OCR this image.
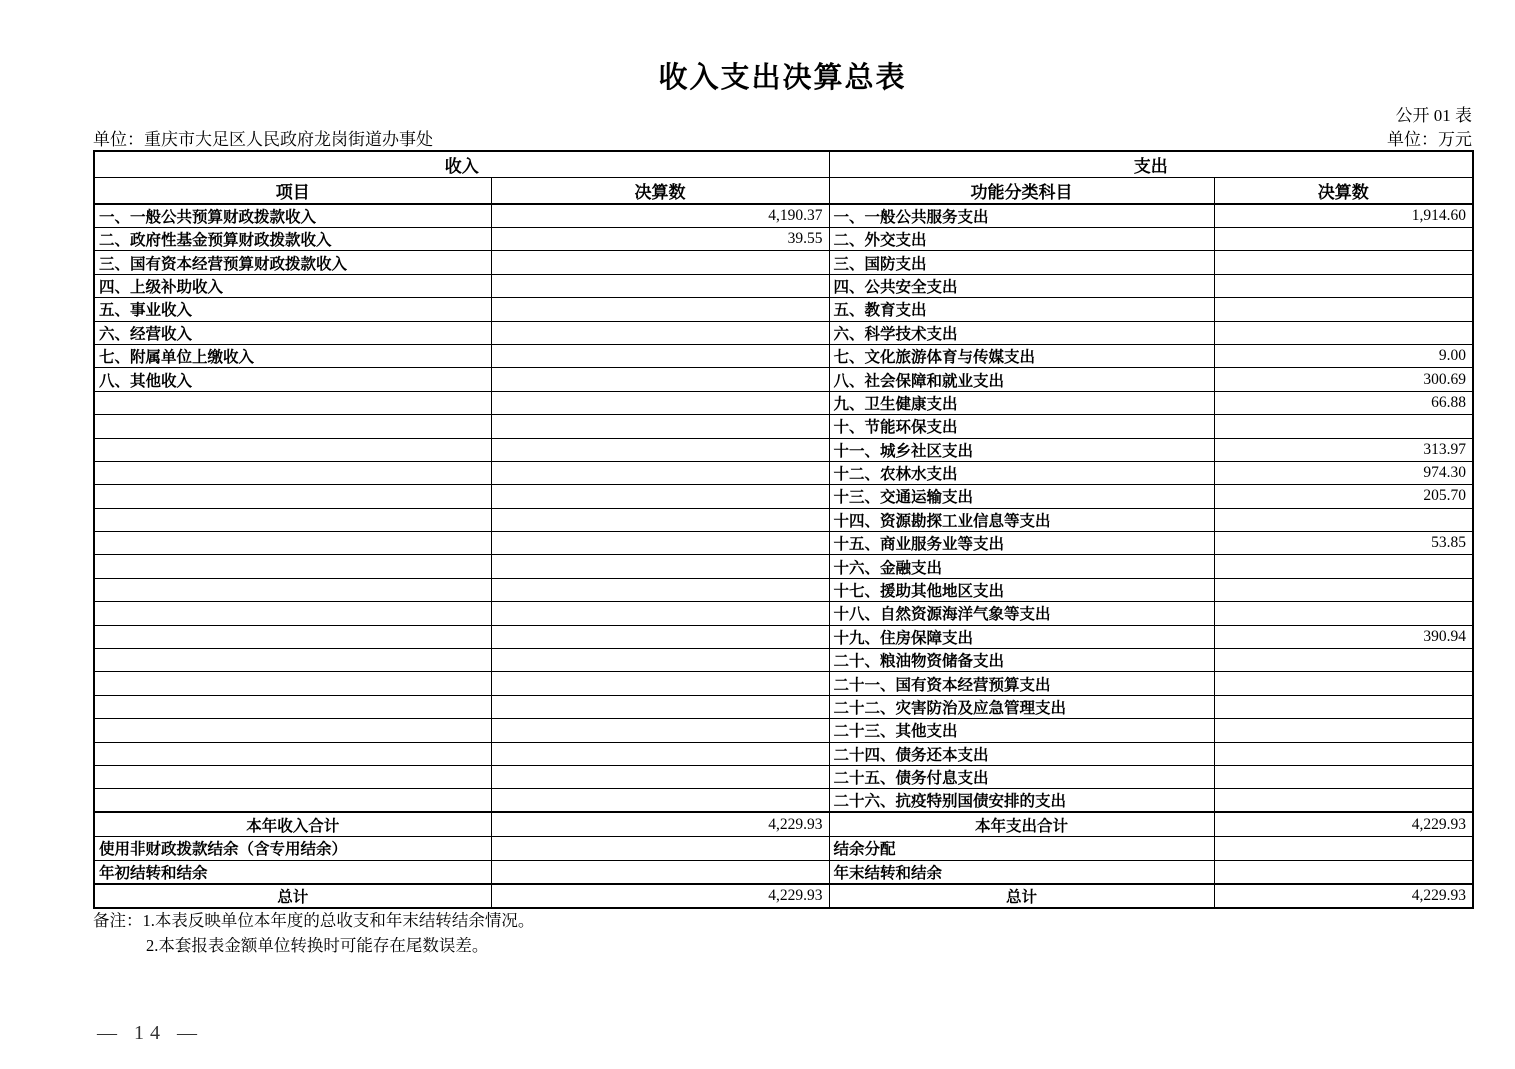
收入支出决算总表
公开 01 表
单位：重庆市大足区人民政府龙岗街道办事处	单位：万元
收入		支出	
项目	决算数	功能分类科目	决算数
一、一般公共预算财政拨款收入	4,190.37	一、一般公共服务支出	1,914.60
二、政府性基金预算财政拨款收入	39.55	二、外交支出	
三、国有资本经营预算财政拨款收入		三、国防支出	
四、上级补助收入		四、公共安全支出	
五、事业收入		五、教育支出	
六、经营收入		六、科学技术支出	
七、附属单位上缴收入		七、文化旅游体育与传媒支出	9.00
八、其他收入		八、社会保障和就业支出	300.69
		九、卫生健康支出	66.88
		十、节能环保支出	
		十一、城乡社区支出	313.97
		十二、农林水支出	974.30
		十三、交通运输支出	205.70
		十四、资源勘探工业信息等支出	
		十五、商业服务业等支出	53.85
		十六、金融支出	
		十七、援助其他地区支出	
		十八、自然资源海洋气象等支出	
		十九、住房保障支出	390.94
		二十、粮油物资储备支出	
		二十一、国有资本经营预算支出	
		二十二、灾害防治及应急管理支出	
		二十三、其他支出	
		二十四、债务还本支出	
		二十五、债务付息支出	
		二十六、抗疫特别国债安排的支出	
本年收入合计	4,229.93	本年支出合计	4,229.93
使用非财政拨款结余（含专用结余）		结余分配	
年初结转和结余		年末结转和结余	
总计	4,229.93	总计	4,229.93
备注：1.本表反映单位本年度的总收支和年末结转结余情况。
2.本套报表金额单位转换时可能存在尾数误差。
— 14 —
